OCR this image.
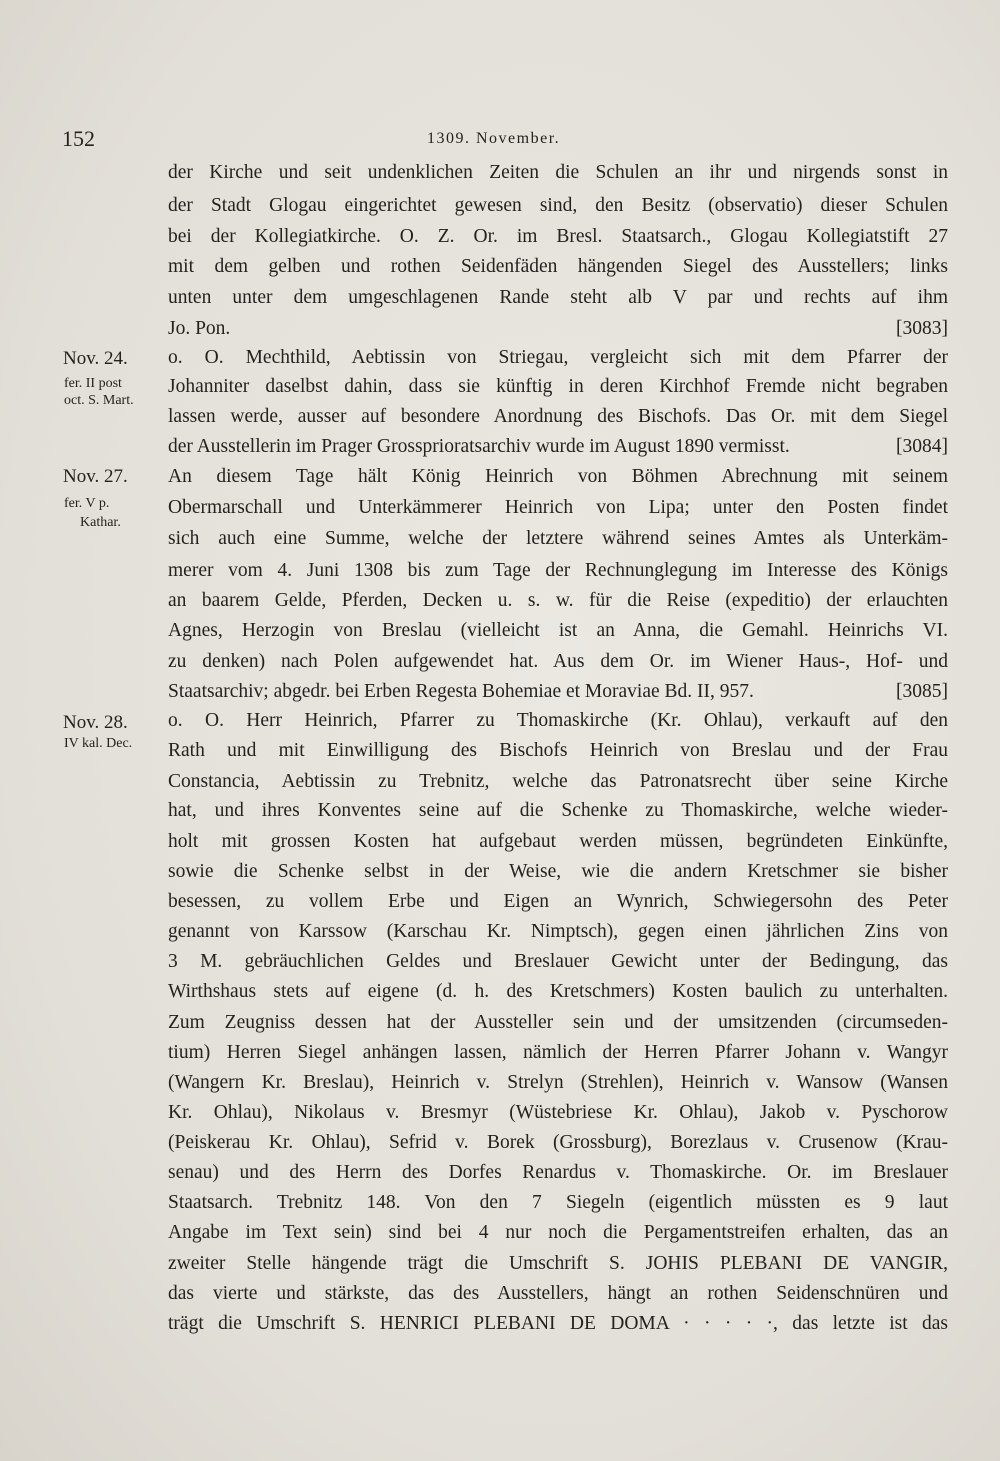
152	1309. November.
der Kirche und seit undenklichen Zeiten die Schulen an ihr und nirgends sonst in
der Stadt Glogau eingerichtet gewesen sind, den Besitz (observatio) dieser Schulen
bei der Kollegiatkirche. O. Z. Or. im Bresl. Staatsarch., Glogau Kollegiatstift 27
mit dem gelben und rothen Seidenfäden hängenden Siegel des Ausstellers; links
unten unter dem umgeschlagenen Rande steht alb V par und rechts auf ihm
Jo. Pon.	[3083]
Nov. 24.
fer. II post
oct. S. Mart.
o. O. Mechthild, Aebtissin von Striegau, vergleicht sich mit dem Pfarrer der
Johanniter daselbst dahin, dass sie künftig in deren Kirchhof Fremde nicht begraben
lassen werde, ausser auf besondere Anordnung des Bischofs. Das Or. mit dem Siegel
der Ausstellerin im Prager Grossprioratsarchiv wurde im August 1890 vermisst.	[3084]
Nov. 27.
fer. V p.
Kathar.
An diesem Tage hält König Heinrich von Böhmen Abrechnung mit seinem
Obermarschall und Unterkämmerer Heinrich von Lipa; unter den Posten findet
sich auch eine Summe, welche der letztere während seines Amtes als Unterkäm-
merer vom 4. Juni 1308 bis zum Tage der Rechnunglegung im Interesse des Königs
an baarem Gelde, Pferden, Decken u. s. w. für die Reise (expeditio) der erlauchten
Agnes, Herzogin von Breslau (vielleicht ist an Anna, die Gemahl. Heinrichs VI.
zu denken) nach Polen aufgewendet hat. Aus dem Or. im Wiener Haus-, Hof- und
Staatsarchiv; abgedr. bei Erben Regesta Bohemiae et Moraviae Bd. II, 957.	[3085]
Nov. 28.
IV kal. Dec.
o. O. Herr Heinrich, Pfarrer zu Thomaskirche (Kr. Ohlau), verkauft auf den
Rath und mit Einwilligung des Bischofs Heinrich von Breslau und der Frau
Constancia, Aebtissin zu Trebnitz, welche das Patronatsrecht über seine Kirche
hat, und ihres Konventes seine auf die Schenke zu Thomaskirche, welche wieder-
holt mit grossen Kosten hat aufgebaut werden müssen, begründeten Einkünfte,
sowie die Schenke selbst in der Weise, wie die andern Kretschmer sie bisher
besessen, zu vollem Erbe und Eigen an Wynrich, Schwiegersohn des Peter
genannt von Karssow (Karschau Kr. Nimptsch), gegen einen jährlichen Zins von
3 M. gebräuchlichen Geldes und Breslauer Gewicht unter der Bedingung, das
Wirthshaus stets auf eigene (d. h. des Kretschmers) Kosten baulich zu unterhalten.
Zum Zeugniss dessen hat der Aussteller sein und der umsitzenden (circumseden-
tium) Herren Siegel anhängen lassen, nämlich der Herren Pfarrer Johann v. Wangyr
(Wangern Kr. Breslau), Heinrich v. Strelyn (Strehlen), Heinrich v. Wansow (Wansen
Kr. Ohlau), Nikolaus v. Bresmyr (Wüstebriese Kr. Ohlau), Jakob v. Pyschorow
(Peiskerau Kr. Ohlau), Sefrid v. Borek (Grossburg), Borezlaus v. Crusenow (Krau-
senau) und des Herrn des Dorfes Renardus v. Thomaskirche. Or. im Breslauer
Staatsarch. Trebnitz 148. Von den 7 Siegeln (eigentlich müssten es 9 laut
Angabe im Text sein) sind bei 4 nur noch die Pergamentstreifen erhalten, das an
zweiter Stelle hängende trägt die Umschrift S. JOHIS PLEBANI DE VANGIR,
das vierte und stärkste, das des Ausstellers, hängt an rothen Seidenschnüren und
trägt die Umschrift S. HENRICI PLEBANI DE DOMA · · · · ·, das letzte ist das
